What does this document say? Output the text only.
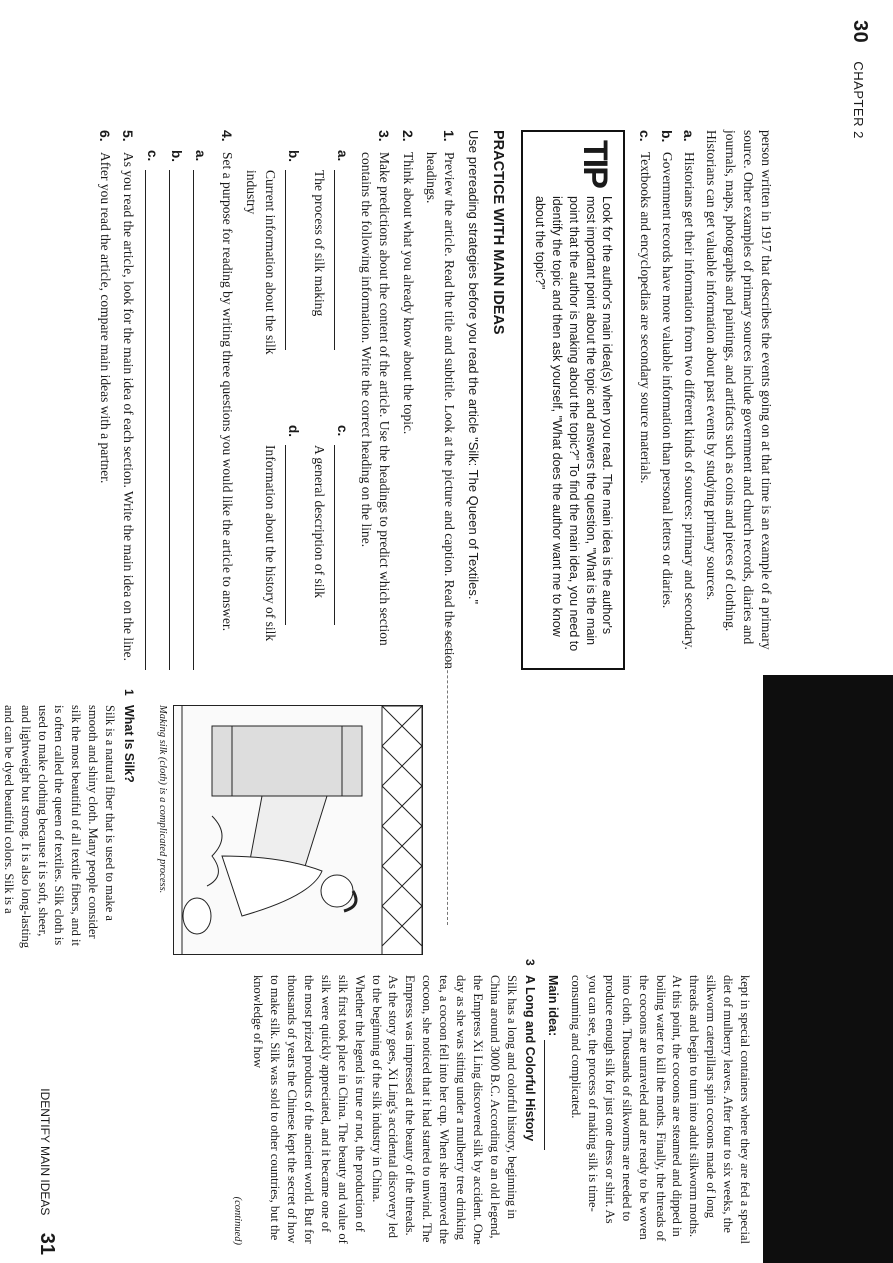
30 CHAPTER 2

person written in 1917 that describes the events going on at that time is an example of a primary source. Other examples of primary sources include government and church records, diaries and journals, maps, photographs and paintings, and artifacts such as coins and pieces of clothing. Historians can get valuable information about past events by studying primary sources.

a.
Historians get their information from two different kinds of sources: primary and secondary.
b.
Government records have more valuable information than personal letters or diaries.
c.
Textbooks and encyclopedias are secondary source materials.
TIP
Look for the author's main idea(s) when you read. The main idea is the author's most important point about the topic and answers the question, "What is the main point that the author is making about the topic?" To find the main idea, you need to identify the topic and then ask yourself, "What does the author want me to know about the topic?"
PRACTICE WITH MAIN IDEAS
Use prereading strategies before you read the article "Silk: The Queen of Textiles."
1.
Preview the article. Read the title and subtitle. Look at the picture and caption. Read the section headings.
2.
Think about what you already know about the topic.
3.
Make predictions about the content of the article. Use the headings to predict which section contains the following information. Write the correct heading on the line.
a.
The process of silk making
c.
A general description of silk
b.
Current information about the silk industry
d.
Information about the history of silk
4.
Set a purpose for reading by writing three questions you would like the article to answer.
a.
b.
c.
5.
As you read the article, look for the main idea of each section. Write the main idea on the line.
6.
After you read the article, compare main ideas with a partner.
Making silk (cloth) is a complicated process.
1
What Is Silk?

Silk is a natural fiber that is used to make a smooth and shiny cloth. Many people consider silk the most beautiful of all textile fibers, and it is often called the queen of textiles. Silk cloth is used to make clothing because it is soft, sheer, and lightweight but strong. It is also long-lasting and can be dyed beautiful colors. Silk is a

kept in special containers where they are fed a special diet of mulberry leaves. After four to six weeks, the silkworm caterpillars spin cocoons made of long threads and begin to turn into adult silkworm moths. At this point, the cocoons are steamed and dipped in boiling water to kill the moths. Finally, the threads of the cocoons are unraveled and are ready to be woven into cloth. Thousands of silkworms are needed to produce enough silk for just one dress or shirt. As you can see, the process of making silk is time-consuming and complicated.

Main idea:
3
A Long and Colorful History

Silk has a long and colorful history, beginning in China around 3000 B.C. According to an old legend, the Empress Xi Ling discovered silk by accident. One day as she was sitting under a mulberry tree drinking tea, a cocoon fell into her cup. When she removed the cocoon, she noticed that it had started to unwind. The Empress was impressed at the beauty of the threads. As the story goes, Xi Ling's accidental discovery led to the beginning of the silk industry in China. Whether the legend is true or not, the production of silk first took place in China. The beauty and value of silk were quickly appreciated, and it became one of the most prized products of the ancient world. But for thousands of years the Chinese kept the secret of how to make silk. Silk was sold to other countries, but the knowledge of how

(continued)
IDENTIFY MAIN IDEAS 31
